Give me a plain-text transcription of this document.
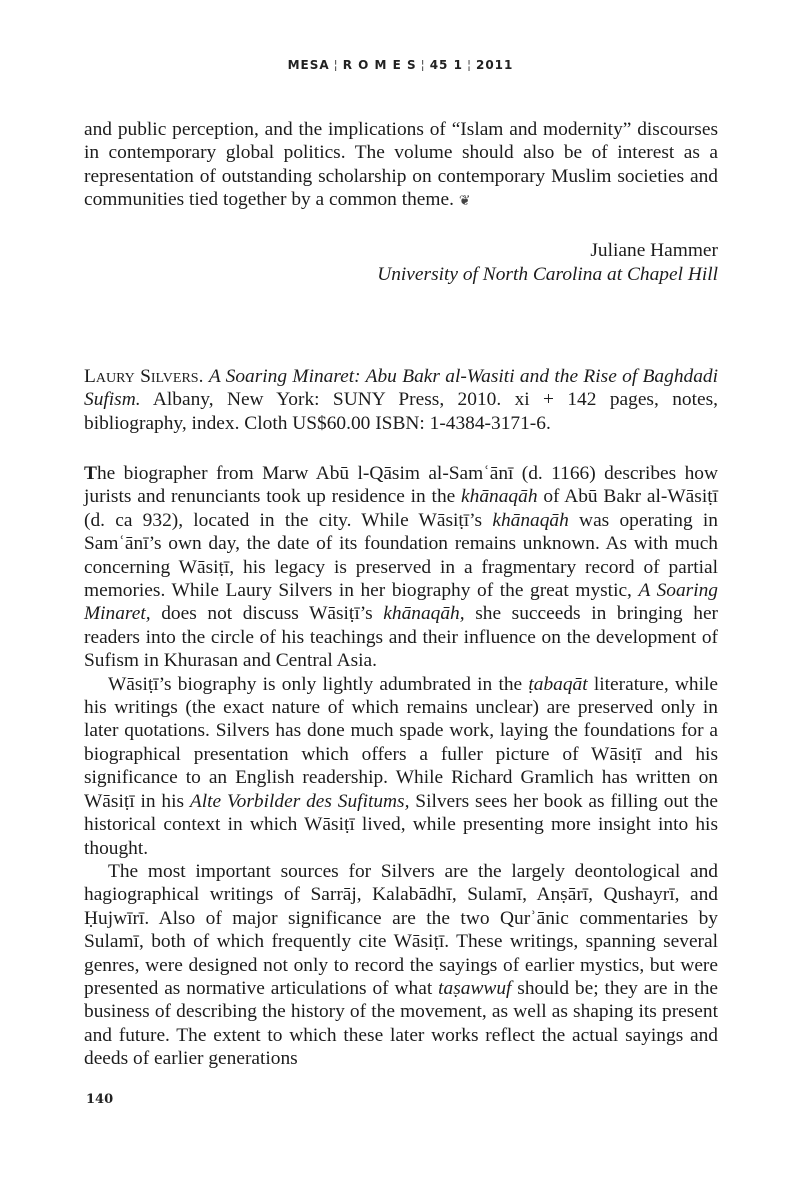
MESA ¦ R O M E S ¦ 45 1 ¦ 2011

and public perception, and the implications of “Islam and modernity” discourses in contemporary global politics. The volume should also be of interest as a representation of outstanding scholarship on contemporary Muslim societies and communities tied together by a common theme. ❦

Juliane Hammer
University of North Carolina at Chapel Hill

Laury Silvers. A Soaring Minaret: Abu Bakr al-Wasiti and the Rise of Baghdadi Sufism. Albany, New York: SUNY Press, 2010. xi + 142 pages, notes, bibliography, index. Cloth US$60.00 ISBN: 1-4384-3171-6.

The biographer from Marw Abū l-Qāsim al-Samʿānī (d. 1166) describes how jurists and renunciants took up residence in the khānaqāh of Abū Bakr al-Wāsiṭī (d. ca 932), located in the city. While Wāsiṭī’s khānaqāh was operating in Samʿānī’s own day, the date of its foundation remains unknown. As with much concerning Wāsiṭī, his legacy is preserved in a fragmentary record of partial memories. While Laury Silvers in her biography of the great mystic, A Soaring Minaret, does not discuss Wāsiṭī’s khānaqāh, she succeeds in bringing her readers into the circle of his teachings and their influence on the development of Sufism in Khurasan and Central Asia.

Wāsiṭī’s biography is only lightly adumbrated in the ṭabaqāt literature, while his writings (the exact nature of which remains unclear) are preserved only in later quotations. Silvers has done much spade work, laying the foundations for a biographical presentation which offers a fuller picture of Wāsiṭī and his significance to an English readership. While Richard Gramlich has written on Wāsiṭī in his Alte Vorbilder des Sufitums, Silvers sees her book as filling out the historical context in which Wāsiṭī lived, while presenting more insight into his thought.

The most important sources for Silvers are the largely deontological and hagiographical writings of Sarrāj, Kalabādhī, Sulamī, Anṣārī, Qushayrī, and Ḥujwīrī. Also of major significance are the two Qurʾānic commentaries by Sulamī, both of which frequently cite Wāsiṭī. These writings, spanning several genres, were designed not only to record the sayings of earlier mystics, but were presented as normative articulations of what taṣawwuf should be; they are in the business of describing the history of the movement, as well as shaping its present and future. The extent to which these later works reflect the actual sayings and deeds of earlier generations

140
